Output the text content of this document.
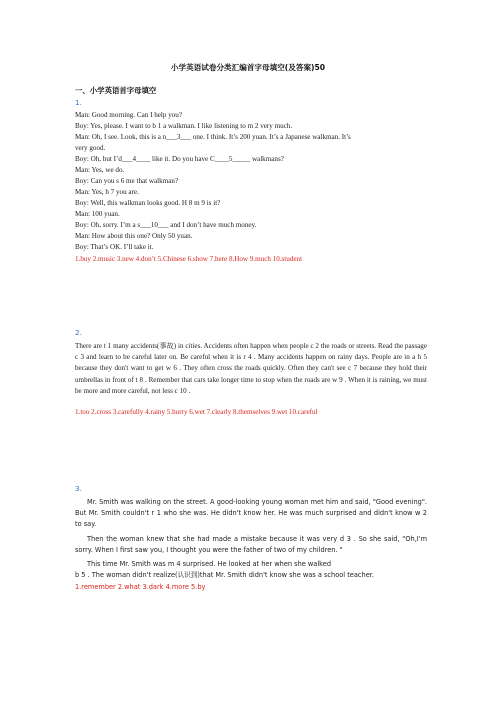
小学英语试卷分类汇编首字母填空(及答案)50
一、小学英语首字母填空
1.
Man: Good morning. Can I help you?
Boy: Yes, please. I want to b 1 a walkman. I like listening to m 2 very much.
Man: Oh, I see. Look, this is a n___3___ one. I think. It’s 200 yuan. It’s a Japanese walkman. It’s
very good.
Boy: Oh, but I’d___4____ like it. Do you have C____5_____ walkmans?
Man: Yes, we do.
Boy: Can you s 6 me that walkman?
Man: Yes, h 7 you are.
Boy: Well, this walkman looks good. H 8 m 9 is it?
Man: 100 yuan.
Boy: Oh, sorry. I’m a s___10___ and I don’t have much money.
Man: How about this one? Only 50 yuan.
Boy: That’s OK. I’ll take it.
1.buy 2.music 3.new 4.don’t 5.Chinese 6.show 7.here 8.How 9.much 10.student
2.
There are t 1 many accidents(事故) in cities. Accidents often happen when people c 2 the roads or streets. Read the passage c 3 and learn to be careful later on. Be careful when it is r 4 . Many accidents happen on rainy days. People are in a h 5 because they don't want to get w 6 . They often cross the roads quickly. Often they can't see c 7 because they hold their umbrellas in front of t 8 . Remember that cars take longer time to stop when the roads are w 9 . When it is raining, we must be more and more careful, not less c 10 .
1.too 2.cross 3.carefully 4.rainy 5.hurry 6.wet 7.clearly 8.themselves 9.wet 10.careful
3.
Mr. Smith was walking on the street. A good-looking young woman met him and said, "Good evening". But Mr. Smith couldn't r 1 who she was. He didn't know her. He was much surprised and didn't know w 2 to say.
Then the woman knew that she had made a mistake because it was very d 3 . So she said, "Oh,I'm sorry. When I first saw you, I thought you were the father of two of my children. "
This time Mr. Smith was m 4 surprised. He looked at her when she walked
b 5 . The woman didn't realize(认识到)that Mr. Smith didn't know she was a school teacher.
1.remember 2.what 3.dark 4.more 5.by
